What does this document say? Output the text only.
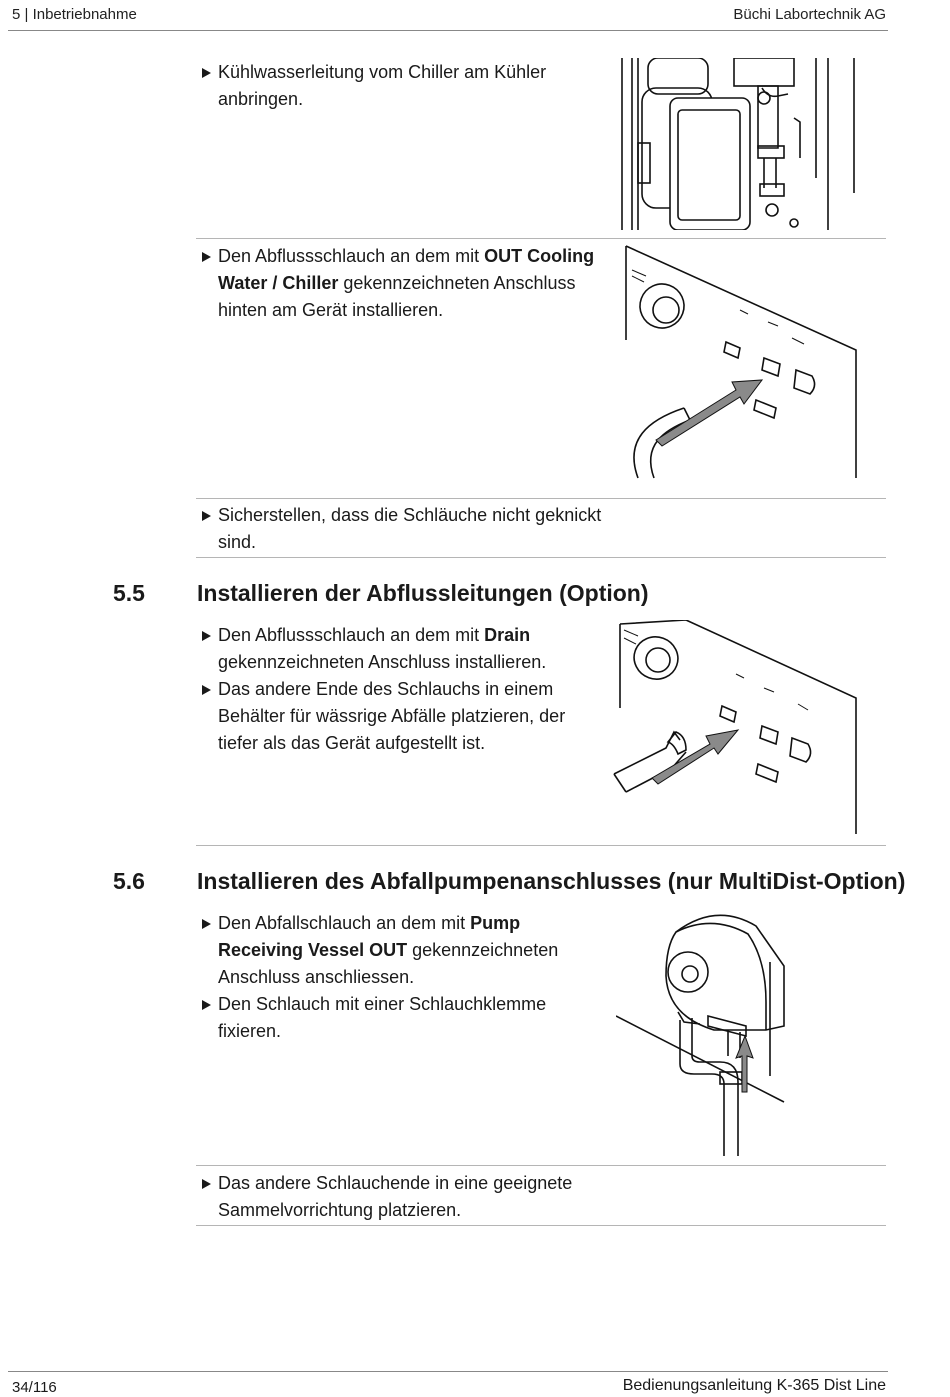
5 | Inbetriebnahme	Büchi Labortechnik AG
Kühlwasserleitung vom Chiller am Kühler anbringen.
Den Abflussschlauch an dem mit OUT Cooling Water / Chiller gekennzeichneten Anschluss hinten am Gerät installieren.
Sicherstellen, dass die Schläuche nicht geknickt sind.
5.5 Installieren der Abflussleitungen (Option)
Den Abflussschlauch an dem mit Drain gekennzeichneten Anschluss installieren.
Das andere Ende des Schlauchs in einem Behälter für wässrige Abfälle platzieren, der tiefer als das Gerät aufgestellt ist.
5.6 Installieren des Abfallpumpenanschlusses (nur MultiDist-Option)
Den Abfallschlauch an dem mit Pump Receiving Vessel OUT gekennzeichneten Anschluss anschliessen.
Den Schlauch mit einer Schlauchklemme fixieren.
Das andere Schlauchende in eine geeignete Sammelvorrichtung platzieren.
34/116	Bedienungsanleitung K-365 Dist Line
